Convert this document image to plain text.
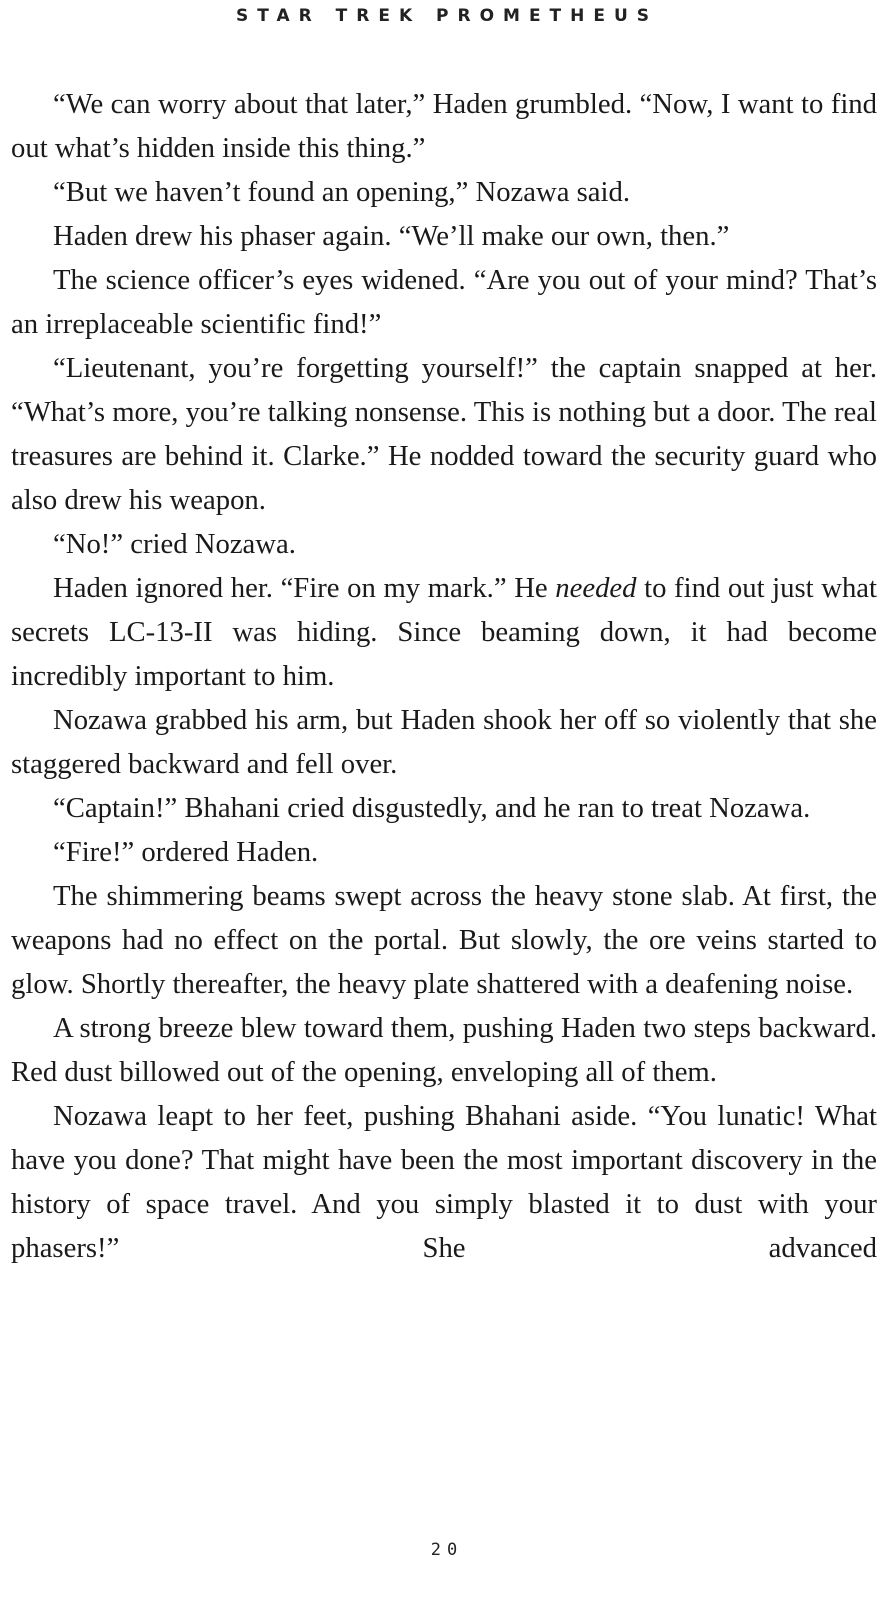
STAR TREK PROMETHEUS

“We can worry about that later,” Haden grumbled. “Now, I want to find out what’s hidden inside this thing.”

“But we haven’t found an opening,” Nozawa said.

Haden drew his phaser again. “We’ll make our own, then.”

The science officer’s eyes widened. “Are you out of your mind? That’s an irreplaceable scientific find!”

“Lieutenant, you’re forgetting yourself!” the captain snapped at her. “What’s more, you’re talking nonsense. This is nothing but a door. The real treasures are behind it. Clarke.” He nodded toward the security guard who also drew his weapon.

“No!” cried Nozawa.

Haden ignored her. “Fire on my mark.” He needed to find out just what secrets LC-13-II was hiding. Since beaming down, it had become incredibly important to him.

Nozawa grabbed his arm, but Haden shook her off so violently that she staggered backward and fell over.

“Captain!” Bhahani cried disgustedly, and he ran to treat Nozawa.

“Fire!” ordered Haden.

The shimmering beams swept across the heavy stone slab. At first, the weapons had no effect on the portal. But slowly, the ore veins started to glow. Shortly thereafter, the heavy plate shattered with a deafening noise.

A strong breeze blew toward them, pushing Haden two steps backward. Red dust billowed out of the opening, enveloping all of them.

Nozawa leapt to her feet, pushing Bhahani aside. “You lunatic! What have you done? That might have been the most important discovery in the history of space travel. And you simply blasted it to dust with your phasers!” She advanced

20
